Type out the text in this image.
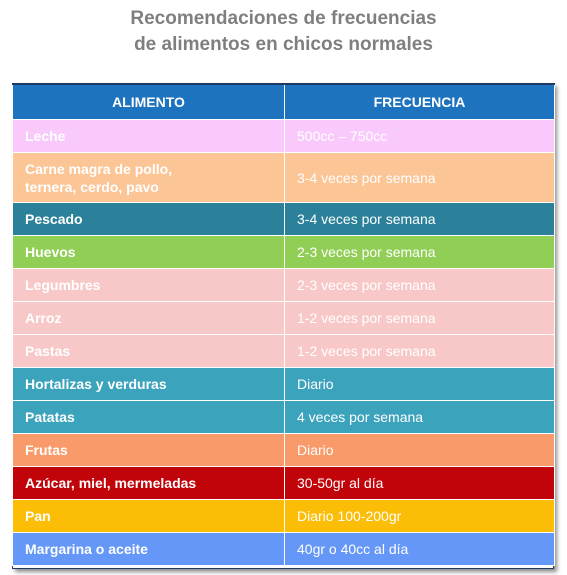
Recomendaciones de frecuencias
de alimentos en chicos normales
ALIMENTO	FRECUENCIA
Leche	500cc – 750cc

Carne magra de pollo,
ternera, cerdo, pavo	3-4 veces por semana
Pescado	3-4 veces por semana
Huevos	2-3 veces por semana
Legumbres	2-3 veces por semana
Arroz	1-2 veces por semana
Pastas	1-2 veces por semana
Hortalizas y verduras	Diario
Patatas	4 veces por semana
Frutas	Diario
Azúcar, miel, mermeladas	30-50gr al día
Pan	Diario 100-200gr
Margarina o aceite	40gr o 40cc al día
